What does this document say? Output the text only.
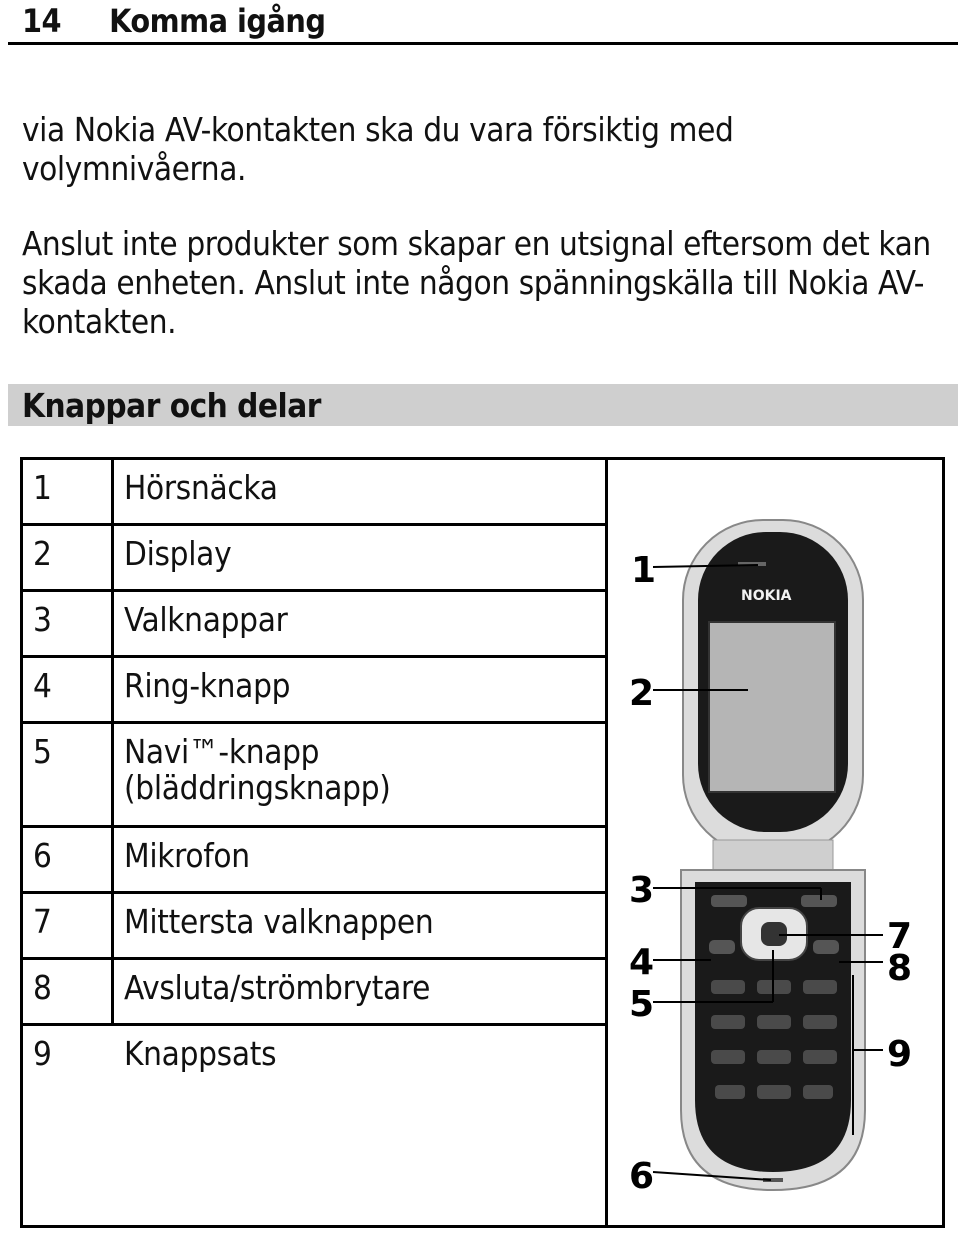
14 Komma igång
via Nokia AV-kontakten ska du vara försiktig med volymnivåerna.
Anslut inte produkter som skapar en utsignal eftersom det kan skada enheten. Anslut inte någon spänningskälla till Nokia AV-kontakten.
Knappar och delar
1 Hörsnäcka
2 Display
3 Valknappar
4 Ring-knapp
5 Navi™-knapp (bläddringsknapp)
6 Mikrofon
7 Mittersta valknappen
8 Avsluta/strömbrytare
9 Knappsats
NOKIA
1
2
3
4
5
6
7
8
9
